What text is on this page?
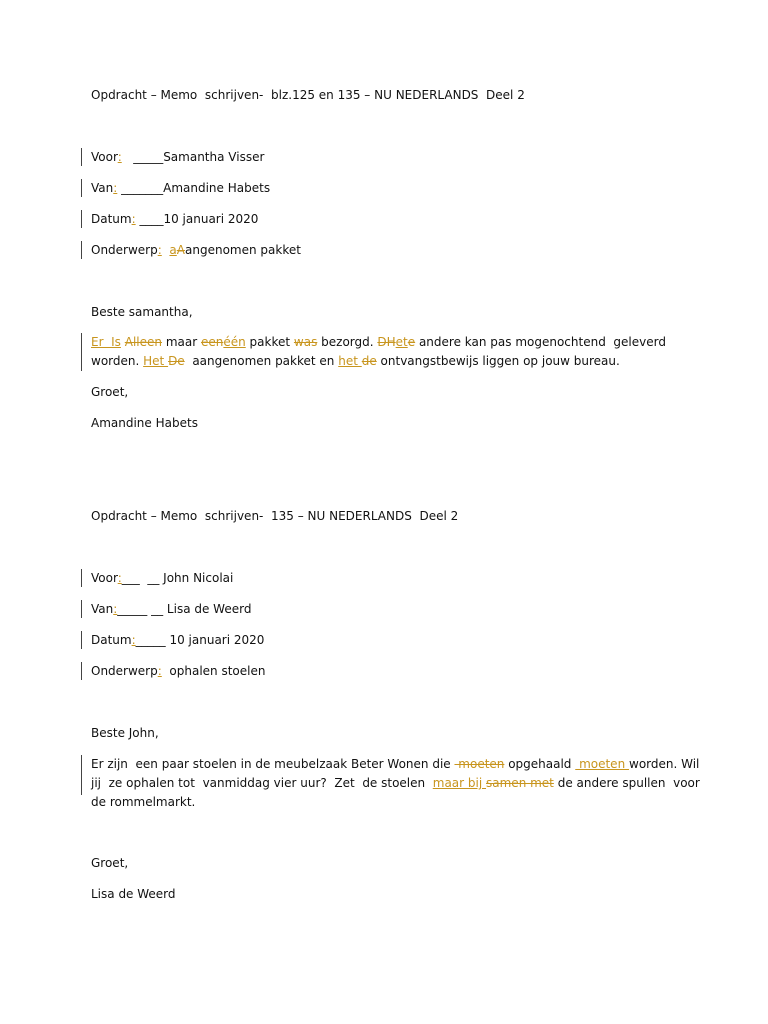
Opdracht – Memo  schrijven-  blz.125 en 135 – NU NEDERLANDS  Deel 2
Voor: _____Samantha Visser
Van: _______Amandine Habets
Datum: ____10 januari 2020
Onderwerp: aAangenomen pakket
Beste samantha,
Er  Is Alleen maar eenéén pakket was bezorgd. DHete andere kan pas mogenochtend  geleverd
worden. Het De  aangenomen pakket en het de ontvangstbewijs liggen op jouw bureau.
Groet,
Amandine Habets
Opdracht – Memo  schrijven-  135 – NU NEDERLANDS  Deel 2
Voor:___  __ John Nicolai
Van:_____ __ Lisa de Weerd
Datum:_____ 10 januari 2020
Onderwerp:  ophalen stoelen
Beste John,
Er zijn  een paar stoelen in de meubelzaak Beter Wonen die  moeten opgehaald  moeten worden. Wil
jij  ze ophalen tot  vanmiddag vier uur?  Zet  de stoelen  maar bij samen met de andere spullen  voor
de rommelmarkt.
Groet,
Lisa de Weerd
